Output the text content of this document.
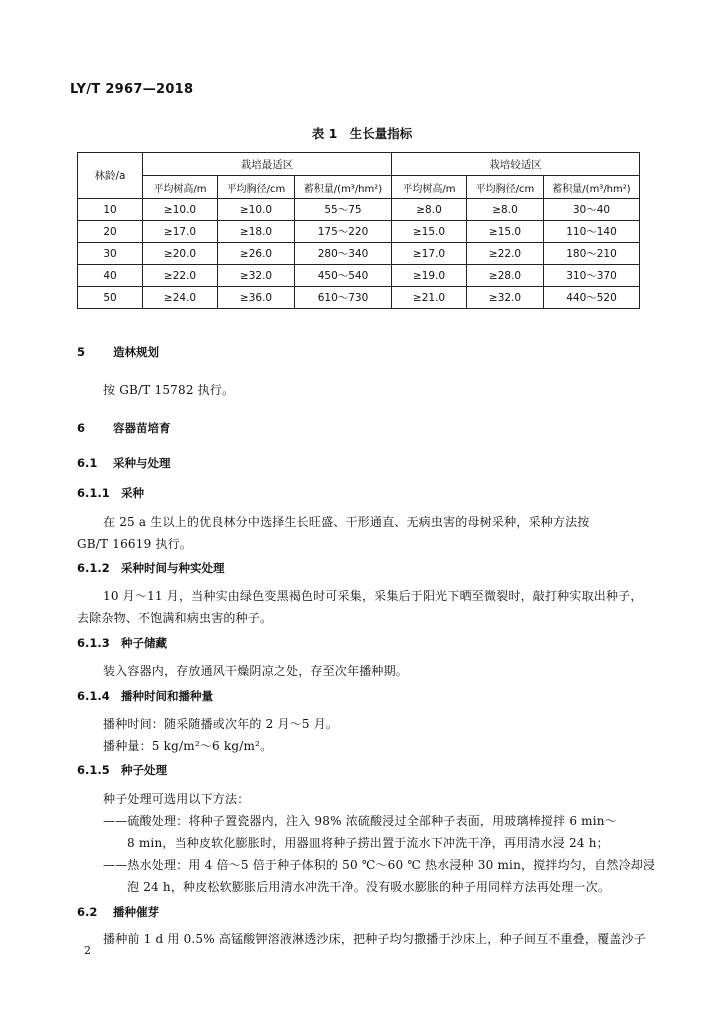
LY/T 2967—2018
表 1　生长量指标
林龄/a	栽培最适区			栽培较适区		
	平均树高/m	平均胸径/cm	蓄积量/(m³/hm²)	平均树高/m	平均胸径/cm	蓄积量/(m³/hm²)
10	≥10.0	≥10.0	55～75	≥8.0	≥8.0	30～40
20	≥17.0	≥18.0	175～220	≥15.0	≥15.0	110～140
30	≥20.0	≥26.0	280～340	≥17.0	≥22.0	180～210
40	≥22.0	≥32.0	450～540	≥19.0	≥28.0	310～370
50	≥24.0	≥36.0	610～730	≥21.0	≥32.0	440～520
5 造林规划
按 GB/T 15782 执行。
6 容器苗培育
6.1 采种与处理
6.1.1 采种
在 25 a 生以上的优良林分中选择生长旺盛、干形通直、无病虫害的母树采种，采种方法按
GB/T 16619 执行。
6.1.2 采种时间与种实处理
10 月～11 月，当种实由绿色变黑褐色时可采集，采集后于阳光下晒至微裂时，敲打种实取出种子，
去除杂物、不饱满和病虫害的种子。
6.1.3 种子储藏
装入容器内，存放通风干燥阴凉之处，存至次年播种期。
6.1.4 播种时间和播种量
播种时间：随采随播或次年的 2 月～5 月。
播种量：5 kg/m²～6 kg/m²。
6.1.5 种子处理
种子处理可选用以下方法：
——硫酸处理：将种子置瓷器内，注入 98% 浓硫酸浸过全部种子表面，用玻璃棒搅拌 6 min～
8 min，当种皮软化膨胀时，用器皿将种子捞出置于流水下冲洗干净，再用清水浸 24 h；
——热水处理：用 4 倍～5 倍于种子体积的 50 ℃～60 ℃ 热水浸种 30 min，搅拌均匀，自然冷却浸
泡 24 h，种皮松软膨胀后用清水冲洗干净。没有吸水膨胀的种子用同样方法再处理一次。
6.2 播种催芽
播种前 1 d 用 0.5% 高锰酸钾溶液淋透沙床，把种子均匀撒播于沙床上，种子间互不重叠，覆盖沙子
2
